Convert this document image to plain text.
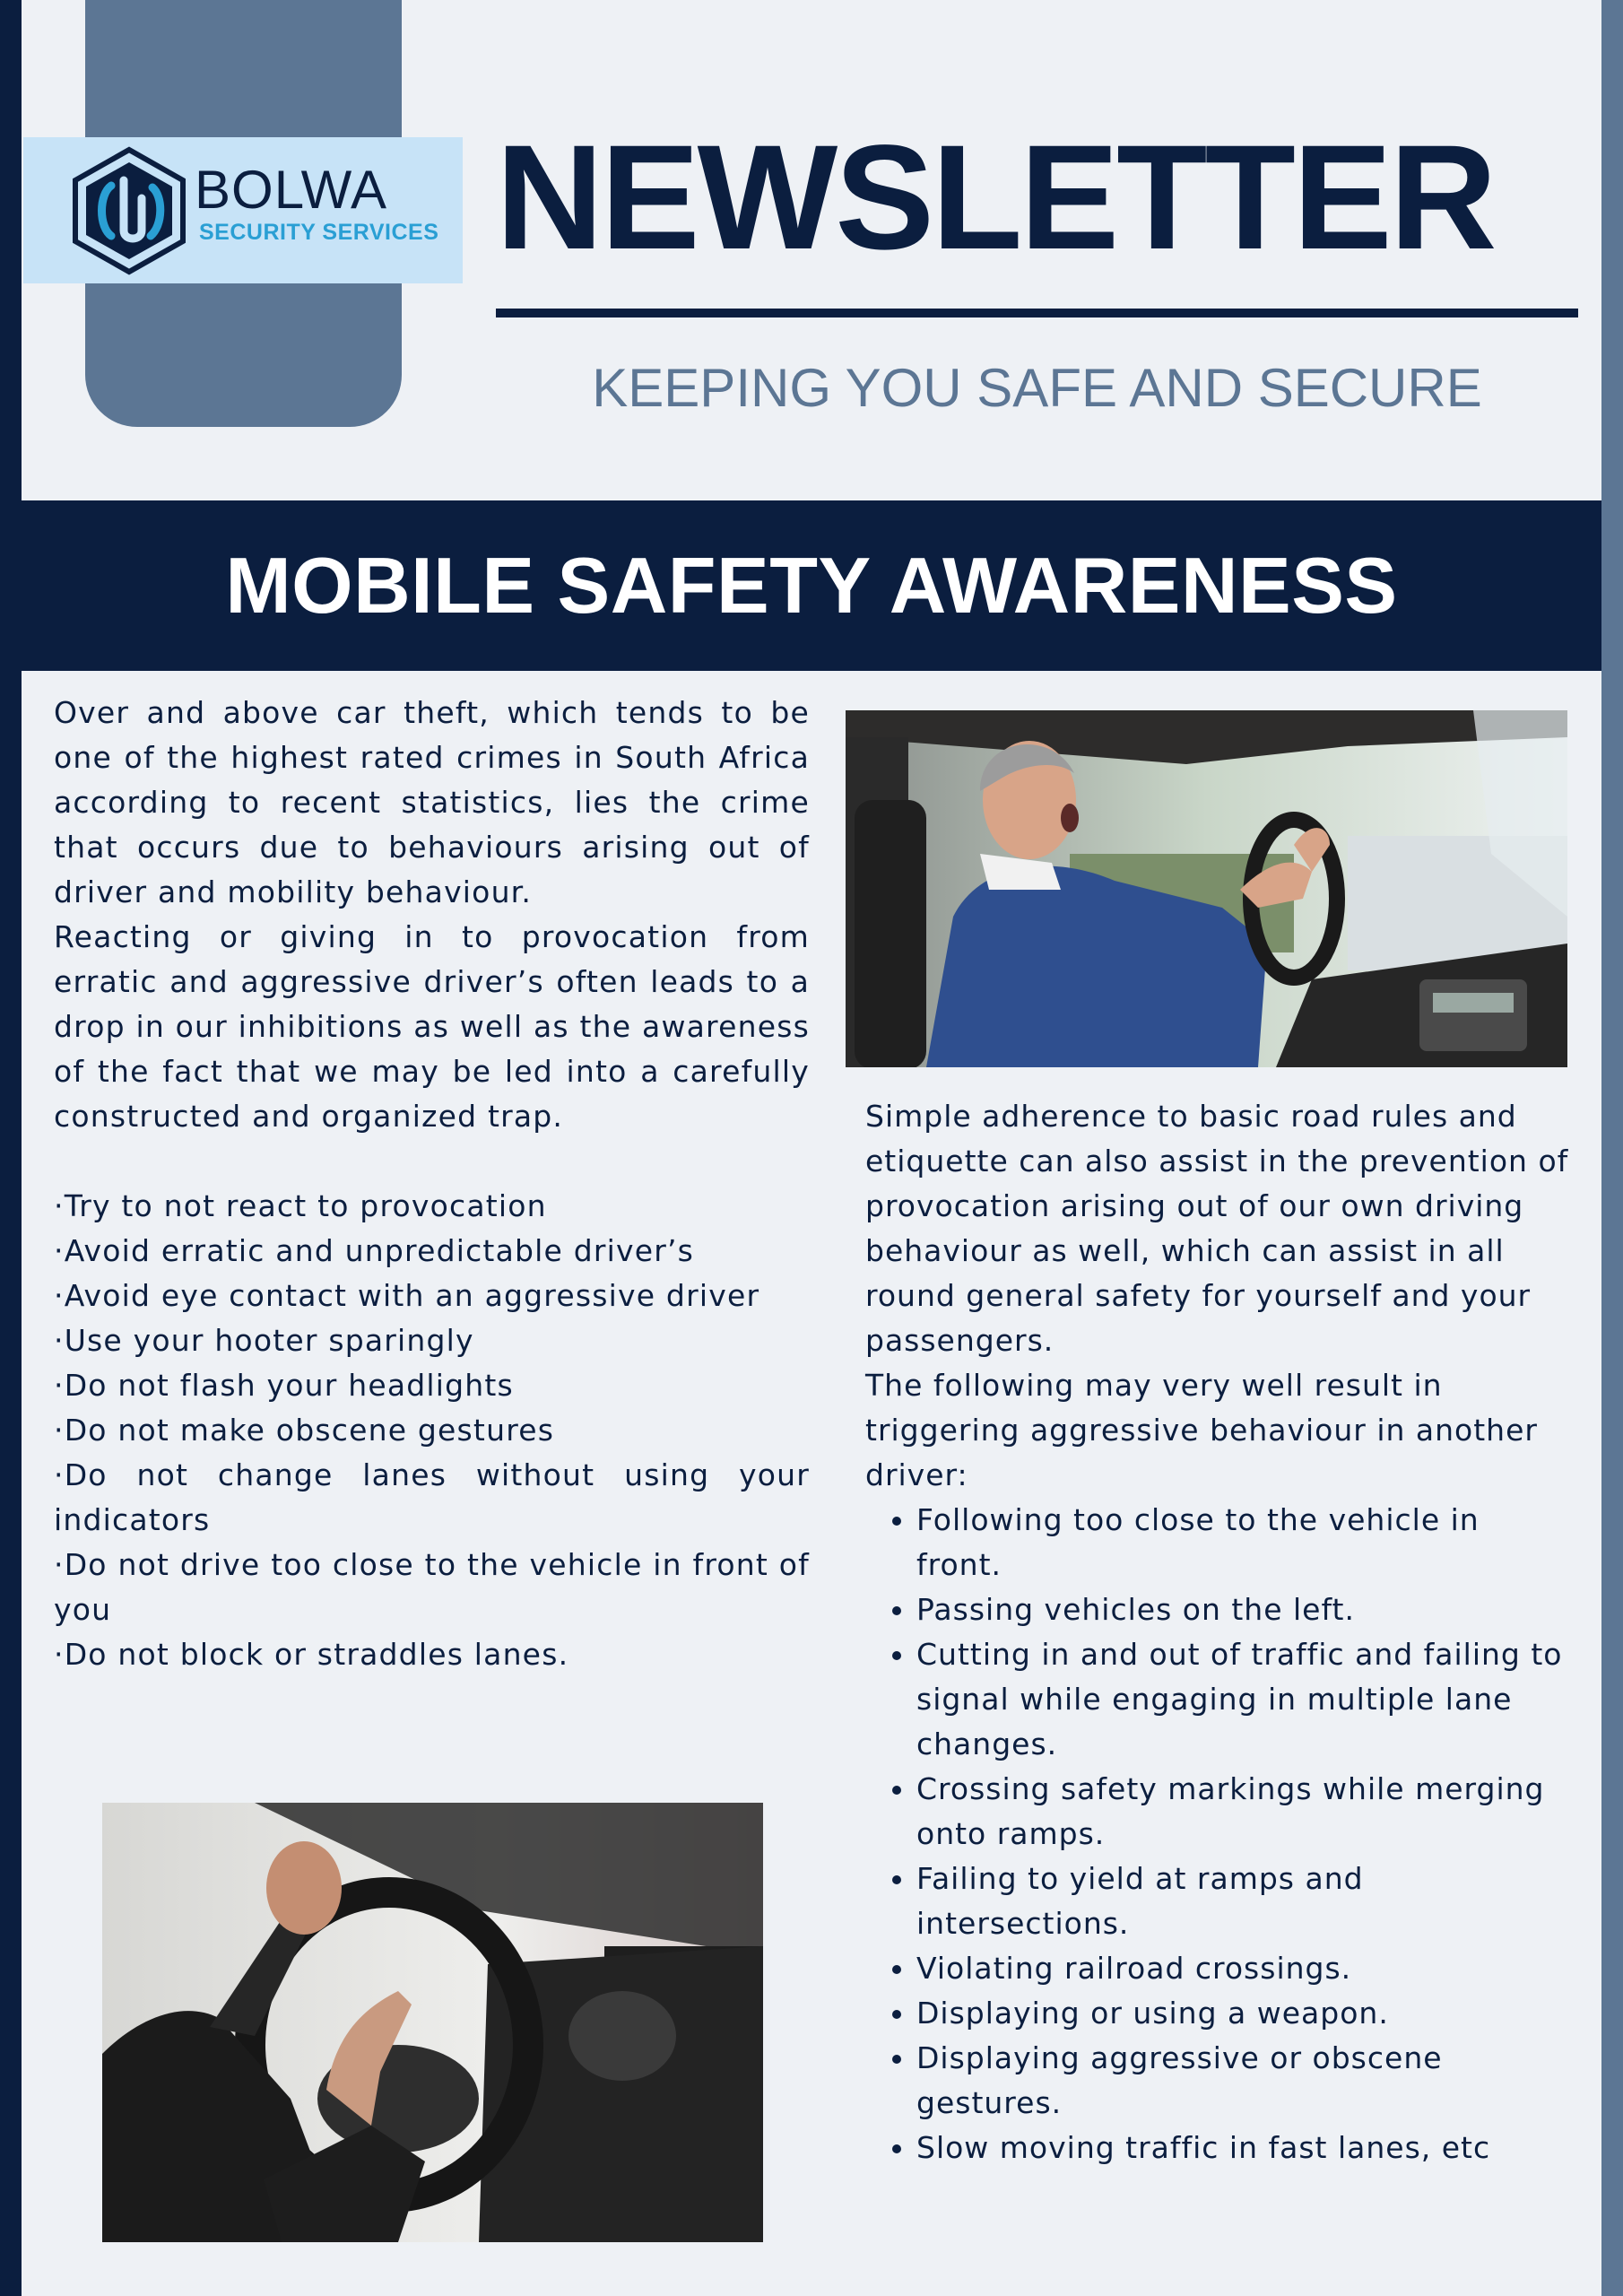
BOLWA
SECURITY SERVICES NEWSLETTER
KEEPING YOU SAFE AND SECURE
MOBILE SAFETY AWARENESS

Over and above car theft, which tends to be one of the highest rated crimes in South Africa according to recent statistics, lies the crime that occurs due to behaviours arising out of driver and mobility behaviour.

Reacting or giving in to provocation from erratic and aggressive driver’s often leads to a drop in our inhibitions as well as the awareness of the fact that we may be led into a carefully constructed and organized trap.

·Try to not react to provocation
·Avoid erratic and unpredictable driver’s
·Avoid eye contact with an aggressive driver
·Use your hooter sparingly
·Do not flash your headlights
·Do not make obscene gestures
·Do not change lanes without using your indicators
·Do not drive too close to the vehicle in front of you
·Do not block or straddles lanes.

Simple adherence to basic road rules and etiquette can also assist in the prevention of provocation arising out of our own driving behaviour as well, which can assist in all round general safety for yourself and your passengers.

The following may very well result in triggering aggressive behaviour in another driver:

• Following too close to the vehicle in front.
• Passing vehicles on the left.
• Cutting in and out of traffic and failing to signal while engaging in multiple lane changes.
• Crossing safety markings while merging onto ramps.
• Failing to yield at ramps and intersections.
• Violating railroad crossings.
• Displaying or using a weapon.
• Displaying aggressive or obscene gestures.
• Slow moving traffic in fast lanes, etc
